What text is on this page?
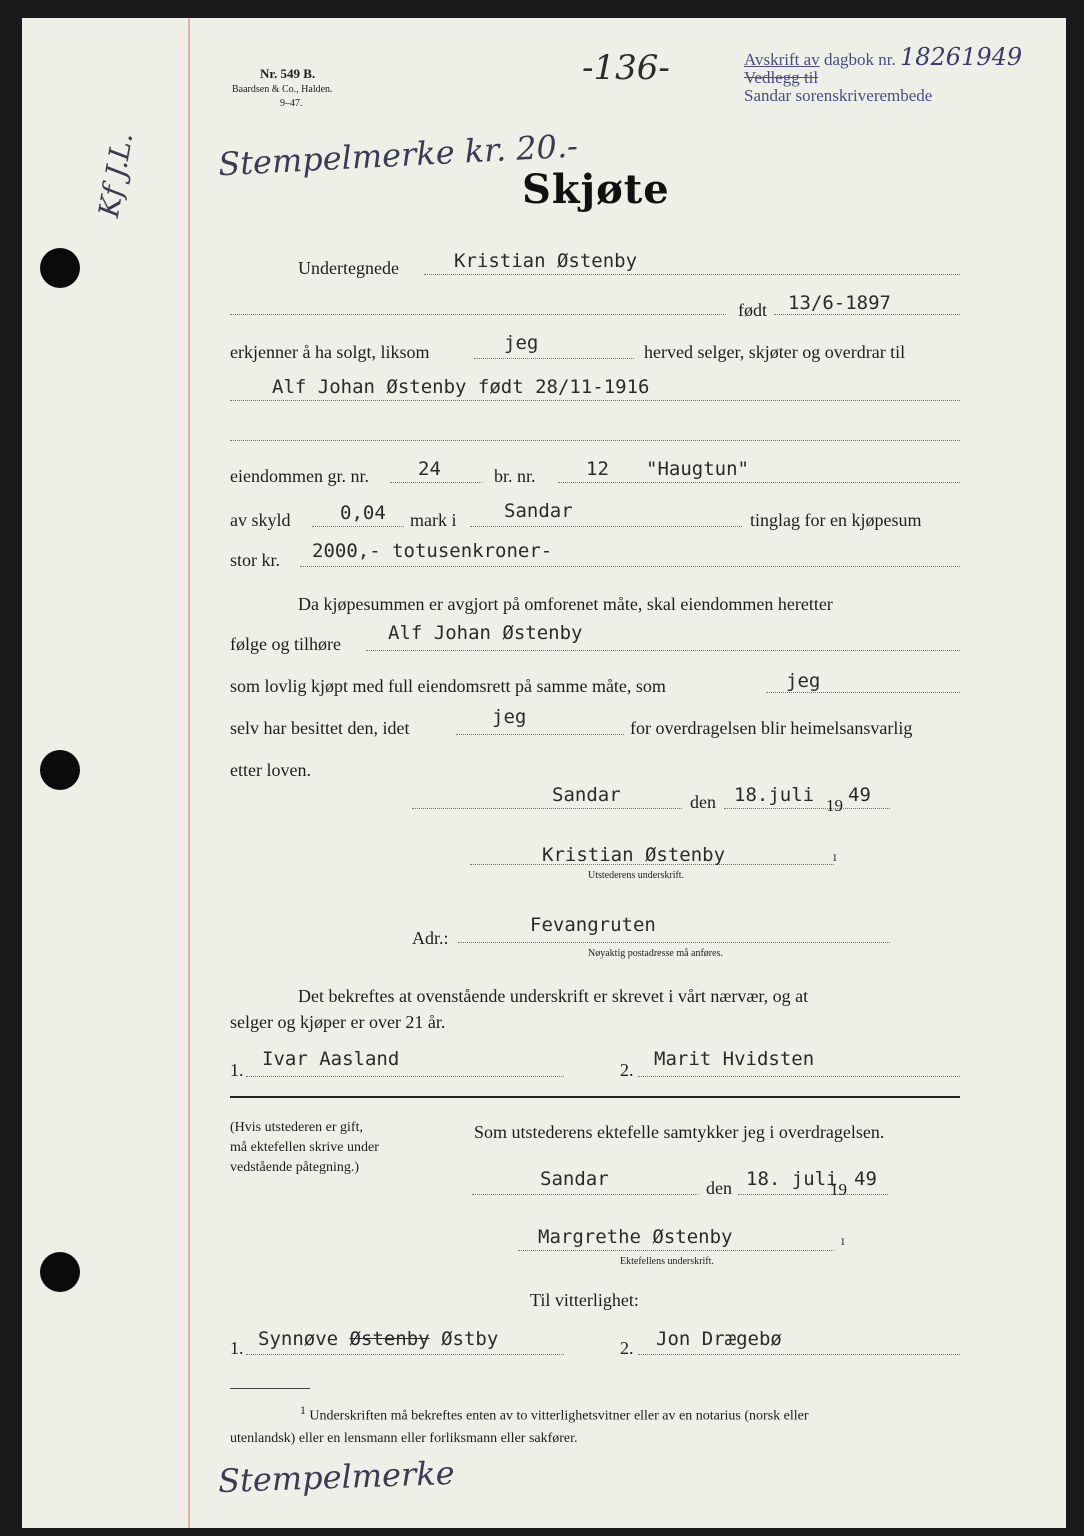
Nr. 549 B.
Baardsen & Co., Halden.
9–47.
-136-	Avskrift av dagbok nr. 18261949
Vedlegg til
Sandar sorenskriverembede
Stempelmerke kr. 20.-
Kf J.L.	Skjøte
Undertegnede	Kristian Østenby
født 13/6-1897
erkjenner å ha solgt, liksom	jeg	herved selger, skjøter og overdrar til
Alf Johan Østenby født 28/11-1916
eiendommen gr. nr.	24	br. nr.	12 "Haugtun"
av skyld	0,04 mark i	Sandar	tinglag for en kjøpesum
stor kr. 2000,- totusenkroner-
Da kjøpesummen er avgjort på omforenet måte, skal eiendommen heretter
følge og tilhøre Alf Johan Østenby
som lovlig kjøpt med full eiendomsrett på samme måte, som	jeg
selv har besittet den, idet	jeg	for overdragelsen blir heimelsansvarlig
etter loven.
Sandar	den 18.juli 19 49
Kristian Østenby	1
Utstederens underskrift.
Adr.:
Fevangruten
Nøyaktig postadresse må anføres.
Det bekreftes at ovenstående underskrift er skrevet i vårt nærvær, og at
selger og kjøper er over 21 år.
1. Ivar Aasland	2. Marit Hvidsten
(Hvis utstederen er gift,
må ektefellen skrive under
vedstående påtegning.)
Som utstederens ektefelle samtykker jeg i overdragelsen.
Sandar	den 18. juli
19 49
Margrethe Østenby	1
Ektefellens underskrift.
Til vitterlighet:
1. Synnøve Østenby Østby	2. Jon Drægebø
$^1$ Underskriften må bekreftes enten av to vitterlighetsvitner eller av en notarius (norsk eller
utenlandsk) eller en lensmann eller forliksmann eller sakfører.
Stempelmerke
